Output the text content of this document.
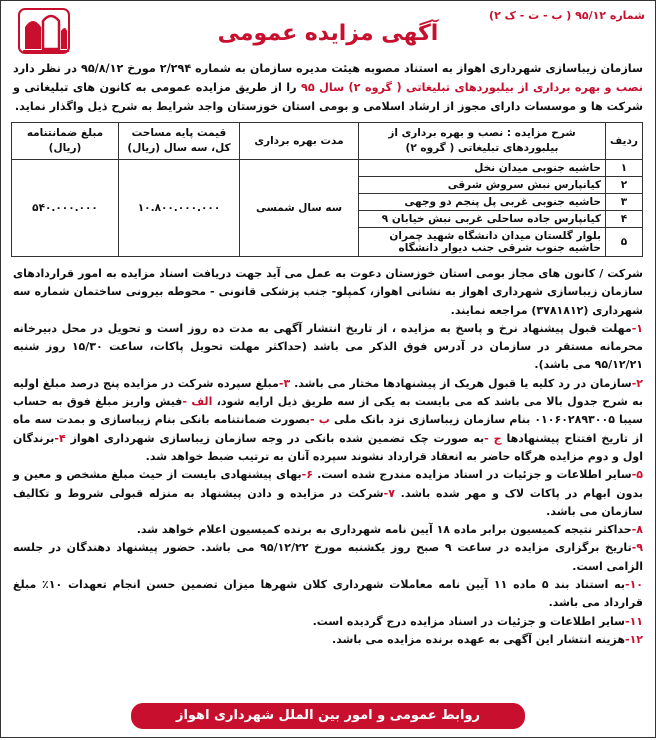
شماره ۹۵/۱۲ ( ب - ت - ک ۲)
آگهی مزایده عمومی
سازمان زیباسازی شهرداری اهواز به استناد مصوبه هیئت مدیره سازمان به شماره ۲/۲۹۴ مورخ ۹۵/۸/۱۲ در نظر دارد نصب و بهره برداری از بیلبوردهای تبلیغاتی ( گروه ۲) سال ۹۵ را از طریق مزایده عمومی به کانون های تبلیغاتی و شرکت ها و موسسات دارای مجوز از ارشاد اسلامی و بومی استان خوزستان واجد شرایط به شرح ذیل واگذار نماید.
ردیف	شرح مزایده : نصب و بهره برداری از بیلبوردهای تبلیغاتی ( گروه ۲)	مدت بهره برداری	قیمت پایه مساحت کل، سه سال (ریال)	مبلغ ضمانتنامه (ریال)
۱	حاشیه جنوبی میدان نخل	سه سال شمسی	۱۰.۸۰۰.۰۰۰.۰۰۰	۵۴۰.۰۰۰.۰۰۰
۲	کیانپارس نبش سروش شرقی			
۳	حاشیه جنوبی غربی پل پنجم دو وجهی			
۴	کیانپارس جاده ساحلی غربی نبش خیابان ۹			
۵	بلوار گلستان میدان دانشگاه شهید چمران حاشیه جنوب شرقی جنب دیوار دانشگاه			

شرکت / کانون های مجاز بومی استان خوزستان دعوت به عمل می آید جهت دریافت اسناد مزایده به امور قراردادهای سازمان زیباسازی شهرداری اهواز به نشانی اهواز، کمپلو- جنب پزشکی قانونی - محوطه بیرونی ساختمان شماره سه شهرداری (۳۷۸۱۸۱۲) مراجعه نمایند.

۱-مهلت قبول پیشنهاد نرخ و پاسخ به مزایده ، از تاریخ انتشار آگهی به مدت ده روز است و تحویل در محل دبیرخانه محرمانه مستقر در سازمان در آدرس فوق الذکر می باشد (حداکثر مهلت تحویل پاکات، ساعت ۱۵/۳۰ روز شنبه ۹۵/۱۲/۲۱ می باشد).

۲-سازمان در رد کلیه یا قبول هریک از پیشنهادها مختار می باشد. ۳-مبلغ سپرده شرکت در مزایده پنج درصد مبلغ اولیه به شرح جدول بالا می باشد که می بایست به یکی از سه طریق ذیل ارایه شود، الف -فیش واریز مبلغ فوق به حساب سیبا ۰۱۰۶۰۲۸۹۳۰۰۵ بنام سازمان زیباسازی نزد بانک ملی ب -بصورت ضمانتنامه بانکی بنام زیباسازی و بمدت سه ماه از تاریخ افتتاح پیشنهادها ج -به صورت چک تضمین شده بانکی در وجه سازمان زیباسازی شهرداری اهواز ۴-برندگان اول و دوم مزایده هرگاه حاضر به انعقاد قرارداد نشوند سپرده آنان به ترتیب ضبط خواهد شد.

۵-سایر اطلاعات و جزئیات در اسناد مزایده مندرج شده است. ۶-بهای پیشنهادی بایست از حیث مبلغ مشخص و معین و بدون ابهام در پاکات لاک و مهر شده باشد. ۷-شرکت در مزایده و دادن پیشنهاد به منزله قبولی شروط و تکالیف سازمان می باشد.

۸-حداکثر نتیجه کمیسیون برابر ماده ۱۸ آیین نامه شهرداری به برنده کمیسیون اعلام خواهد شد.

۹-تاریخ برگزاری مزایده در ساعت ۹ صبح روز یکشنبه مورخ ۹۵/۱۲/۲۲ می باشد. حضور پیشنهاد دهندگان در جلسه الزامی است.

۱۰-به استناد بند ۵ ماده ۱۱ آیین نامه معاملات شهرداری کلان شهرها میزان تضمین حسن انجام تعهدات ۱۰٪ مبلغ قرارداد می باشد.

۱۱-سایر اطلاعات و جزئیات در اسناد مزایده درج گردیده است.

۱۲-هزینه انتشار این آگهی به عهده برنده مزایده می باشد.

روابط عمومی و امور بین الملل شهرداری اهواز
